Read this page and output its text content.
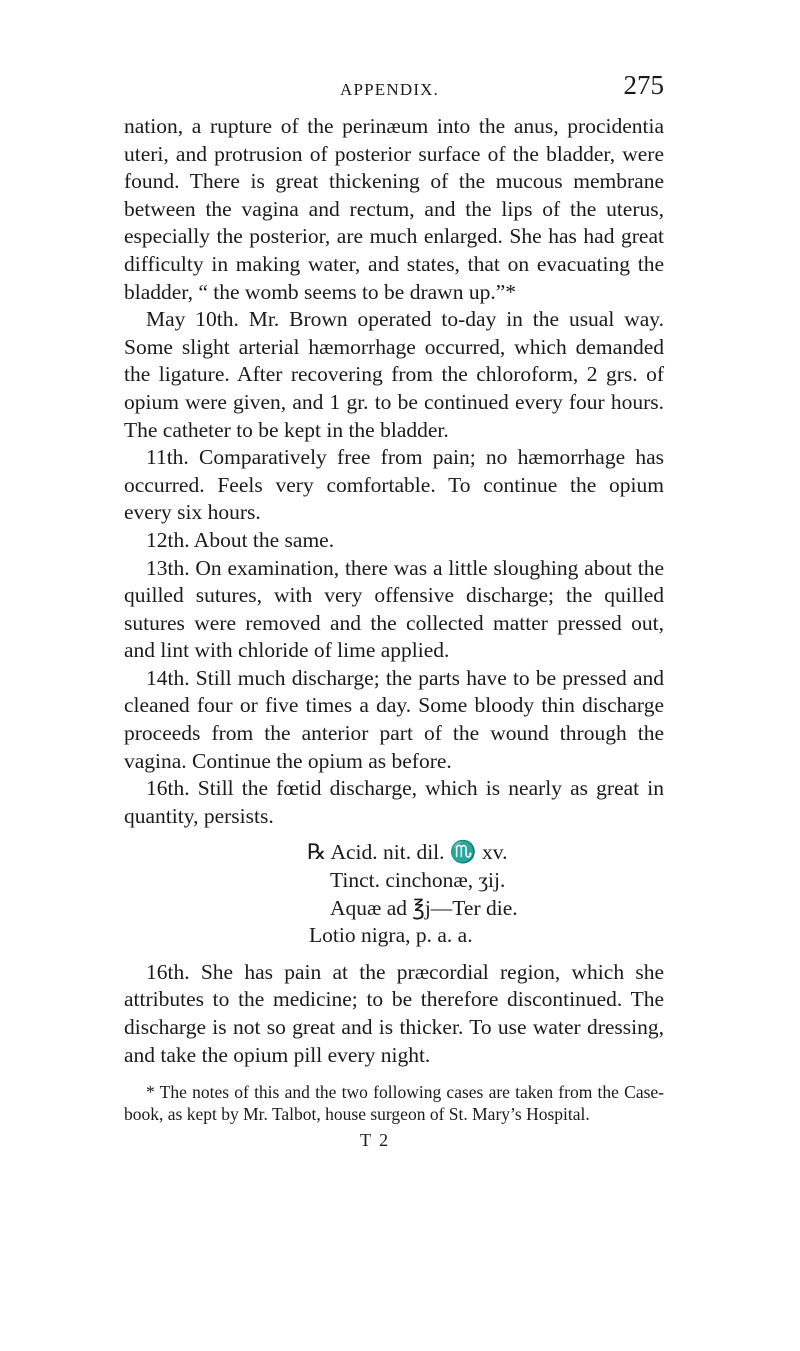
APPENDIX.	275

nation, a rupture of the perinæum into the anus, procidentia uteri, and protrusion of posterior surface of the bladder, were found. There is great thickening of the mucous membrane between the vagina and rectum, and the lips of the uterus, especially the posterior, are much enlarged. She has had great difficulty in making water, and states, that on evacuating the bladder, “ the womb seems to be drawn up.”*

May 10th. Mr. Brown operated to-day in the usual way. Some slight arterial hæmorrhage occurred, which demanded the ligature. After recovering from the chloroform, 2 grs. of opium were given, and 1 gr. to be continued every four hours. The catheter to be kept in the bladder.

11th. Comparatively free from pain; no hæmorrhage has occurred. Feels very comfortable. To continue the opium every six hours.

12th. About the same.

13th. On examination, there was a little sloughing about the quilled sutures, with very offensive discharge; the quilled sutures were removed and the collected matter pressed out, and lint with chloride of lime applied.

14th. Still much discharge; the parts have to be pressed and cleaned four or five times a day. Some bloody thin discharge proceeds from the anterior part of the wound through the vagina. Continue the opium as before.

16th. Still the fœtid discharge, which is nearly as great in quantity, persists.

℞ Acid. nit. dil. ♏ xv.
Tinct. cinchonæ, ʒij.
Aquæ ad ℥j—Ter die.
Lotio nigra, p. a. a.

16th. She has pain at the præcordial region, which she attributes to the medicine; to be therefore discontinued. The discharge is not so great and is thicker. To use water dressing, and take the opium pill every night.

* The notes of this and the two following cases are taken from the Case-book, as kept by Mr. Talbot, house surgeon of St. Mary’s Hospital.
T 2
